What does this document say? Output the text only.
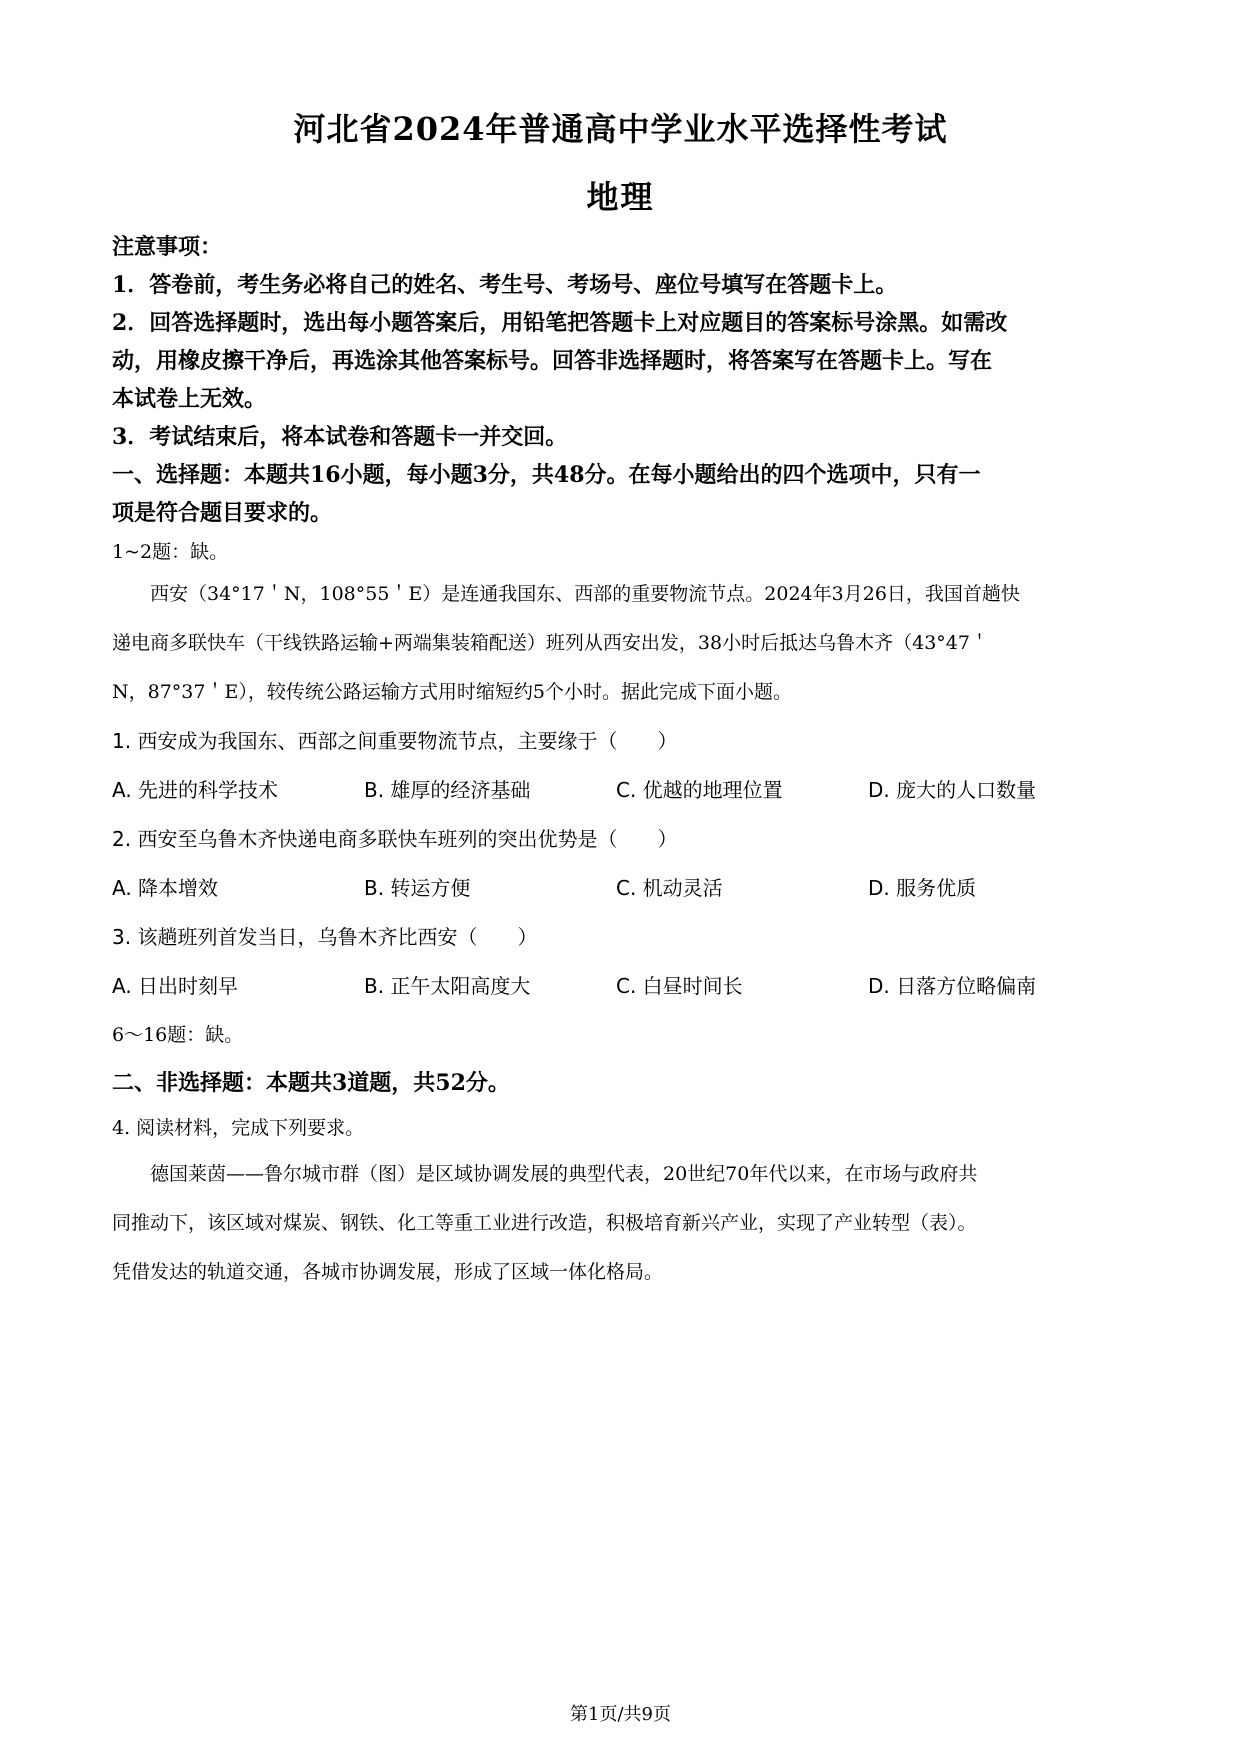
河北省2024年普通高中学业水平选择性考试
地理

注意事项：

1．答卷前，考生务必将自己的姓名、考生号、考场号、座位号填写在答题卡上。

2．回答选择题时，选出每小题答案后，用铅笔把答题卡上对应题目的答案标号涂黑。如需改

动，用橡皮擦干净后，再选涂其他答案标号。回答非选择题时，将答案写在答题卡上。写在

本试卷上无效。

3．考试结束后，将本试卷和答题卡一并交回。

一、选择题：本题共16小题，每小题3分，共48分。在每小题给出的四个选项中，只有一

项是符合题目要求的。

1~2题：缺。

西安（34°17＇N，108°55＇E）是连通我国东、西部的重要物流节点。2024年3月26日，我国首趟快

递电商多联快车（干线铁路运输+两端集装箱配送）班列从西安出发，38小时后抵达乌鲁木齐（43°47＇

N，87°37＇E），较传统公路运输方式用时缩短约5个小时。据此完成下面小题。

1. 西安成为我国东、西部之间重要物流节点，主要缘于（　　）

A. 先进的科学技术	B. 雄厚的经济基础	C. 优越的地理位置	D. 庞大的人口数量

2. 西安至乌鲁木齐快递电商多联快车班列的突出优势是（　　）

A. 降本增效	B. 转运方便	C. 机动灵活	D. 服务优质

3. 该趟班列首发当日，乌鲁木齐比西安（　　）

A. 日出时刻早	B. 正午太阳高度大	C. 白昼时间长	D. 日落方位略偏南

6～16题：缺。

二、非选择题：本题共3道题，共52分。

4. 阅读材料，完成下列要求。

德国莱茵——鲁尔城市群（图）是区域协调发展的典型代表，20世纪70年代以来，在市场与政府共

同推动下，该区域对煤炭、钢铁、化工等重工业进行改造，积极培育新兴产业，实现了产业转型（表）。

凭借发达的轨道交通，各城市协调发展，形成了区域一体化格局。

第1页/共9页
